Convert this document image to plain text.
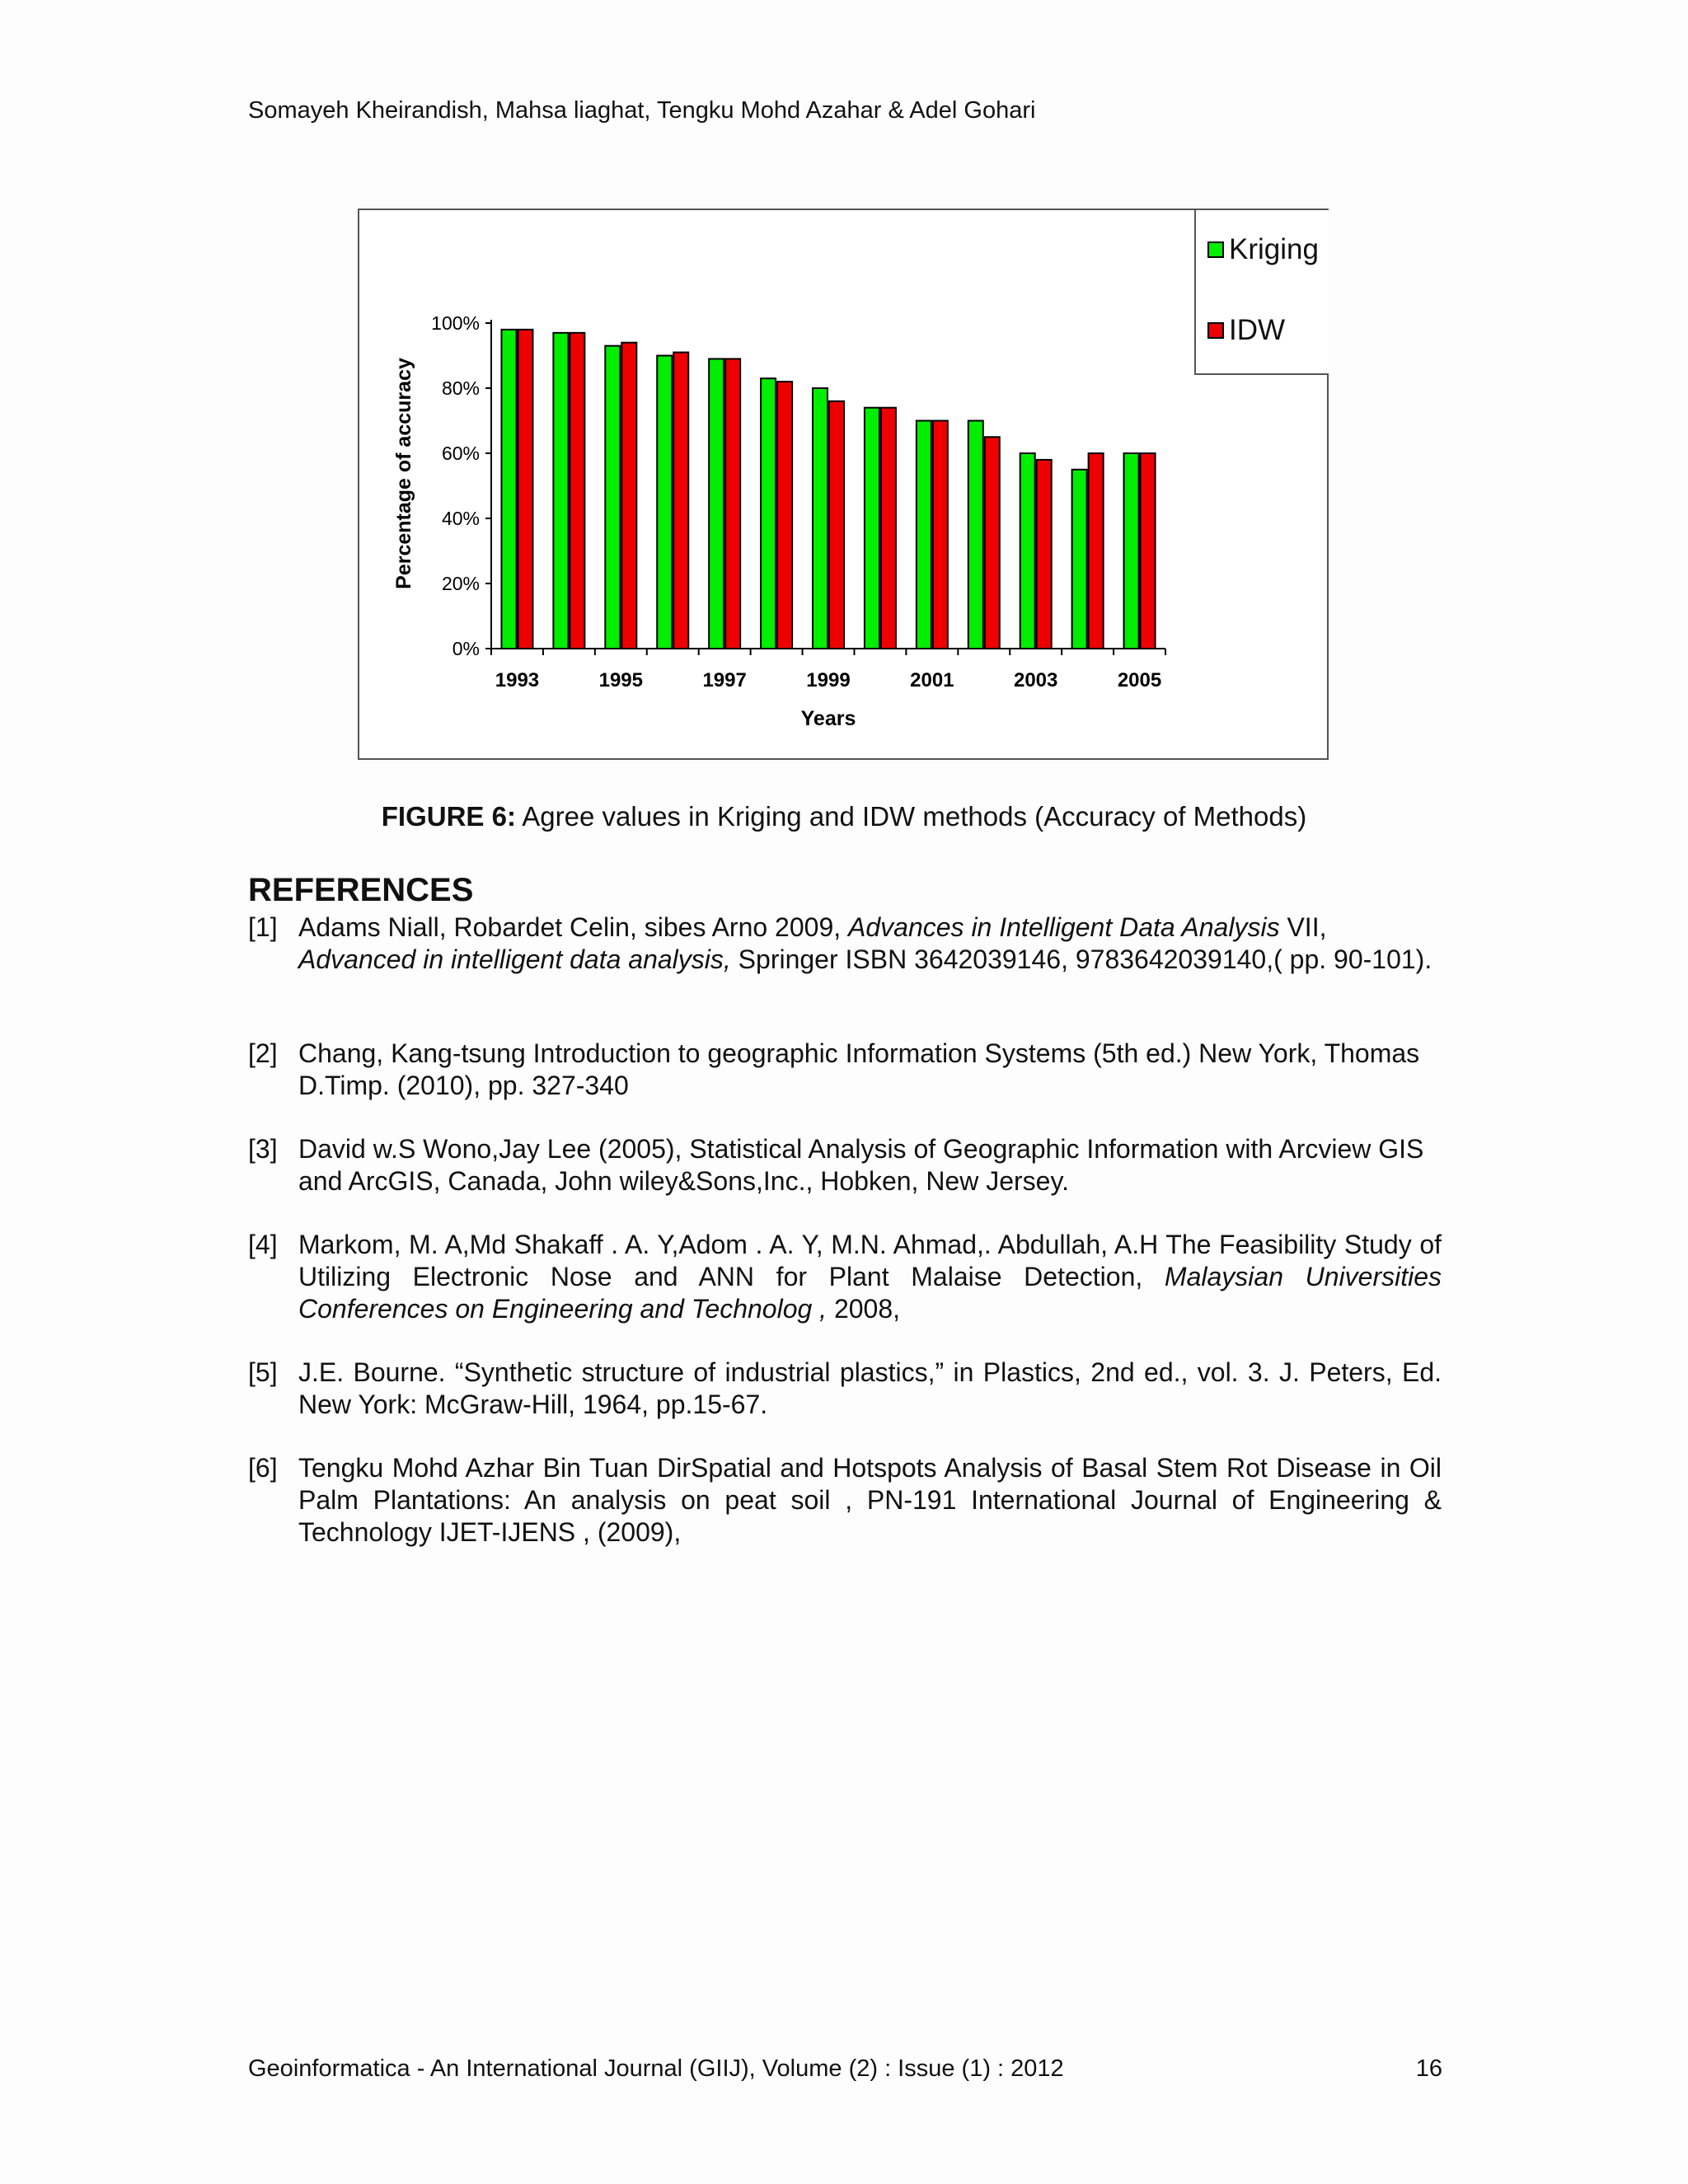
Somayeh Kheirandish, Mahsa liaghat, Tengku Mohd Azahar & Adel Gohari
0%
20%
40%
60%
80%
100%
1993	1995	1997	1999	2001	2003	2005
Years
Percentage of accuracy
Kriging
IDW
FIGURE 6: Agree values in Kriging and IDW methods (Accuracy of Methods)
REFERENCES
[1] Adams Niall, Robardet Celin, sibes Arno 2009, Advances in Intelligent Data Analysis VII, Advanced in intelligent data analysis, Springer ISBN 3642039146, 9783642039140,( pp. 90-101).
[2] Chang, Kang-tsung Introduction to geographic Information Systems (5th ed.) New York, Thomas D.Timp. (2010), pp. 327-340
[3] David w.S Wono,Jay Lee (2005), Statistical Analysis of Geographic Information with Arcview GIS and ArcGIS, Canada, John wiley&Sons,Inc., Hobken, New Jersey.
[4] Markom, M. A,Md Shakaff . A. Y,Adom . A. Y, M.N. Ahmad,. Abdullah, A.H The Feasibility Study of Utilizing Electronic Nose and ANN for Plant Malaise Detection, Malaysian Universities Conferences on Engineering and Technolog , 2008,
[5] J.E. Bourne. “Synthetic structure of industrial plastics,” in Plastics, 2nd ed., vol. 3. J. Peters, Ed. New York: McGraw-Hill, 1964, pp.15-67.
[6] Tengku Mohd Azhar Bin Tuan DirSpatial and Hotspots Analysis of Basal Stem Rot Disease in Oil Palm Plantations: An analysis on peat soil , PN-191 International Journal of Engineering & Technology IJET-IJENS , (2009),
Geoinformatica - An International Journal (GIIJ), Volume (2) : Issue (1) : 2012	16
